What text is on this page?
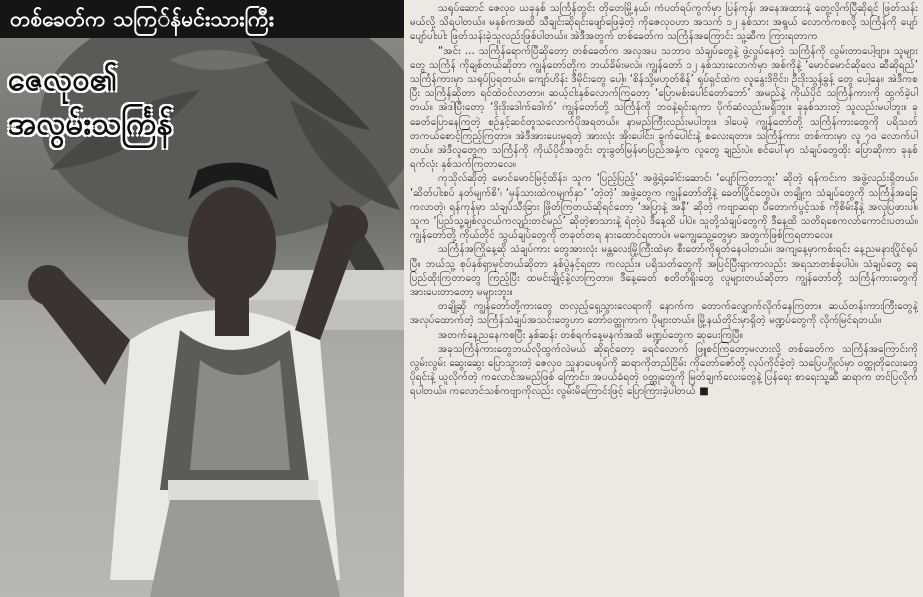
တစ်ခေတ်က သကြ်န်မင်းသားကြီး
ဇေလုဝ၏
အလွမ်းသင်္ကြန်

သရုပ်ဆောင် ဇေလုဝ ယခုနှစ် သင်္ကြန်တွင်း တိုတေမြို့နယ်၊ ကံပတ်ရပ်ကွက်မှာ ပြန်ကုန်၊ အနေအထားနဲ့ တွေ့လိုက်ပြီဆိုရင် ဖြတ်သန်းမယ်လို့ သိရပါတယ်။ မနှစ်ကအထိ သီချင်းဆိုရင်းဖျော်ဖြေခဲ့တဲ့ ကိုဇေလုဝဟာ အသက် ၁၂ နှစ်သား အရွယ် လောက်ကစလို့ သင်္ကြန်ကို ပျော်ပျော်ပါးပါး ဖြတ်သန်းခဲ့သူလည်းဖြစ်ပါတယ်။ အဲဒီအတွက် တစ်ခေတ်က သင်္ကြန်အကြောင်း သူ့ဆီက ကြားရတာက

“အင်း ... သင်္ကြန်ရောက်ပြီဆိုတော့ တစ်ခေတ်က အလှအပ သဘာဝ သံချပ်တွေနဲ့ ဖွဲ့လှုပ်နေတဲ့ သင်္ကြန်ကို လွမ်းတာပေါ့ဗျာ။ သူများတွေ သင်္ကြန် ကိုချစ်တယ်ဆိုတာ ကျွန်တော်တို့က ဘယ်ခိမ်းမလဲ။ ကျွန်တော် ၁၂ နှစ်သားလောက်မှာ အစ်ကိုနဲ့ ‘မောင်မောင်ဆိုလေ ဆီဆိုရည်’ သင်္ကြန်ကားမှာ သရုပ်ပြရတယ်။ ကျော်ဟိန်း ဒီမိုင်းတွေ ပေါ့။ ‘စိန်သို့မဟုတ်စိန်’ ရုပ်ရှင်ထဲက လူနွေးဒိဗိုင်း၊ ဦးဒိုးသွန့်ခွန့် တွေ ပေါ့နေ။ အဲဒီကစပြီး သင်္ကြန်ဆိုတာ ရင်ထဲဝင်လာတာ။ ဆယ့်ငါးနှစ်လောက်ကြတော့ ‘ပြောမစ်းပေါင်တော်ဘော်’ အမည်နဲ့ ကိုယ်ပိုင် သင်္ကြန်ကားကို ထွက်ခဲ့ပါတယ်။ အဲဒါပြီးတော့ ‘ဒိုးဒိုးဒေါက်ဒေါက်’ ကျွန်တော်တို့ သင်္ကြန်ကို ဘဝနဲ့ရင်းရကာ ပိုက်ဆံလည်းမရှိဘူး။ ခုနှစ်သားတဲ့ သူလည်းမပါဘူး။ ခုခေတ်ပြောနေကြတဲ့ စဉ်နှင့်ဆင်တူသလောက်ပိုအရတယ်။ နာမည်ကြီးလည်းမပါဘူး။ ဒါပေမဲ့ ကျွန်တော်တို့ သင်္ကြန်ကားတွေကို ပရိသတ်တကယ်စောင့်ကြည့်ကြတာ။ အဲဒီအားပေးမှုရတဲ့ အားလုံး အိုးပေါင်း၊ ခွက်ပေါင်းနဲ့ စလေးရတာ။ သင်္ကြန်ကား တစ်ကားမှာ လူ ၇၀ လောက်ပါတယ်။ အဲဒီလူတွေက သင်္ကြန်ကို ကိုယ်ပိုင်အတွင်း တူးခွတ်မြန်မာပြည်အနှံ့က လူတွေ ချည်းပဲ။ စင်ပေါ်မှာ သံချပ်တွေထိုး ပြောဆိုကာ ခုနှစ်ရက်လုံး နှစ်သက်ကြတာလေ။

ကုသိုလ်ဆိုတဲ့ မောင်မောင်မြင့်ထိန်း၊ သူက ‘ပြည့်ပြည့်’ အဖွဲ့ရဲ့ခေါင်းဆောင်၊ ‘ပျော်ကြတာဘူး’ ဆိုတဲ့ ရန်ကင်းက အဖွဲ့လည်းရှိတယ်။ ‘ဆိတ်ပါးစပ် နတ်မျက်စိ’၊ ‘မှန်သားထဲကမျက်နှာ’ ‘တဲ့တဲ့’ အဖွဲ့တွေက ကျွန်တော်တို့နဲ့ ခေတ်ပြိုင်တွေပဲ။ တချို့က သံချပ်တွေကို သင်္ကြန်အခြေကလာတဲ့၊ ရန်ကုန်မှာ သံချပ်သီးခြား ဖြိုတ်ကြတယ်ဆိုရင်တော့ ‘အပြာနဲ့ အနီ’ ဆိုတဲ့ ကဗျာဆရာ ပီတောက်ပွင့်သစ် ကိုစိမ်းနီနဲ့ အလုပြဖားပါ။ သူက ‘ပြည်သူ့ချစ်လူငယ်ကလျဉ်းတင်မည်’ ဆိုတဲ့စာသားနဲ့ ရဲတဲ့ပဲ ဒီနေ့ထိ ပါပဲ။ သူတို့သံချပ်တွေကို ဒီနေ့ထိ သတိရစေကလာ်ကောင်းပတယ်။ ကျွန်တော်တို့ ကိုယ်တိုင် သွယ်ချပ်တွေကို တခုတ်တရ နားထောင်ရတာပဲ။ မကျွေသွေ့တွေမှာ အတွက်ဖြစ်ကြရတာလေ။

သင်္ကြန်အကြိုနေ့ဆို သံချပ်ကား တွေအားလုံး မန္တလေးမြို့ကြီးထဲမှာ စီးတော်ကိုရုတ်နေပါတယ်။ အကျနေ့မှာကစ်းရင်း နေ့ညမနားပြိုင်ရုပ်ပြီ။ ဘယ်သူ့ စုပ်နှစ်ရှာမှင်တယ်ဆိုတာ နှစ်ပွဲနှင့်ရတာ ကလည်း။ ပရိသတ်တွေကို အပြင်ပြီးရှာကာလည်း အရသာတစ်ခုပါပဲ။ သံချပ်တွေ ရေပြည်ထိုးကြတာတွေ ကြည့်ပြီး ထမင်းချိုင့်နဲ့လာကြတာ။ ဒီနေ့ခေတ် စတိတ်ရှိုးတွေ လူများတယ်ဆိုတာ ကျွန်တော်တို့ သင်္ကြန်ကားတွေကို အားပေးတာတော့ မများဘူး။

တချို့ဆို ကျွန်တော်တို့ကားတွေ တလှည့်ရှေ့သွားလေရာကို နောက်က တောက်လျှောက်လိုက်နေကြတာ။ ဆယ်တန်းကားကြီးတွေနဲ့ အလုပ်ထောက်တဲ့ သင်္ကြန်သံချပ်အသင်းတွေဟာ တော်ဝတ္ထုကာက ပိုများတယ်။ မြို့နယ်တိုင်းမှာရှိတဲ့ မဏ္ဍပ်တွေကို လိုက်မြင်ရတယ်။

အတက်နေ့ညနေကစပြီး နှစ်ဆန်း တစ်ရက်နေ့မနက်အထိ မဏ္ဍပ်တွေက ဆုပေးကြပြီ။

အခုသင်္ကြန်ကားတွေဘယ်လိုထွက်လဲမယ် ဆိုရင်တော့ ခရင်လောက် ဖြူစင်ကြတော့မလားလို့ တစ်ခေတ်က သင်္ကြန်အကြောင်းကို လွမ်းလွမ်း ဆွေးဆွေး ပြောသွားတဲ့ ဇေလုဝ သူနာပေရုပ်ကို ဆရာကိုတည်ငြိမ်း ကိုတော်ဇော်တို့ လုပ်ကိုင်ခဲ့တဲ့ သပြေပဂ္ဂိုလ်မှာ ဝတ္ထုတိုလေးတွေ ပိုရင်းနဲ့ ယူလိုက်တဲ့ ကလောင်အမည်ဖြစ် ကြောင်း၊ အပယ်ခံရတဲ့ ဝတ္ထုတွေကို မြတ်ချက်လေးတွေနဲ့ ပြန်ရေး စာရေးသူ့ဆီ ဆရာက တင်ပြလိုက်ရပါတယ်။ ကလောင်သစ်ကဗျာကိုလည်း လွမ်းမိကြောင်းဖြင့် ပြောကြားခဲ့ပါတယ် ■
